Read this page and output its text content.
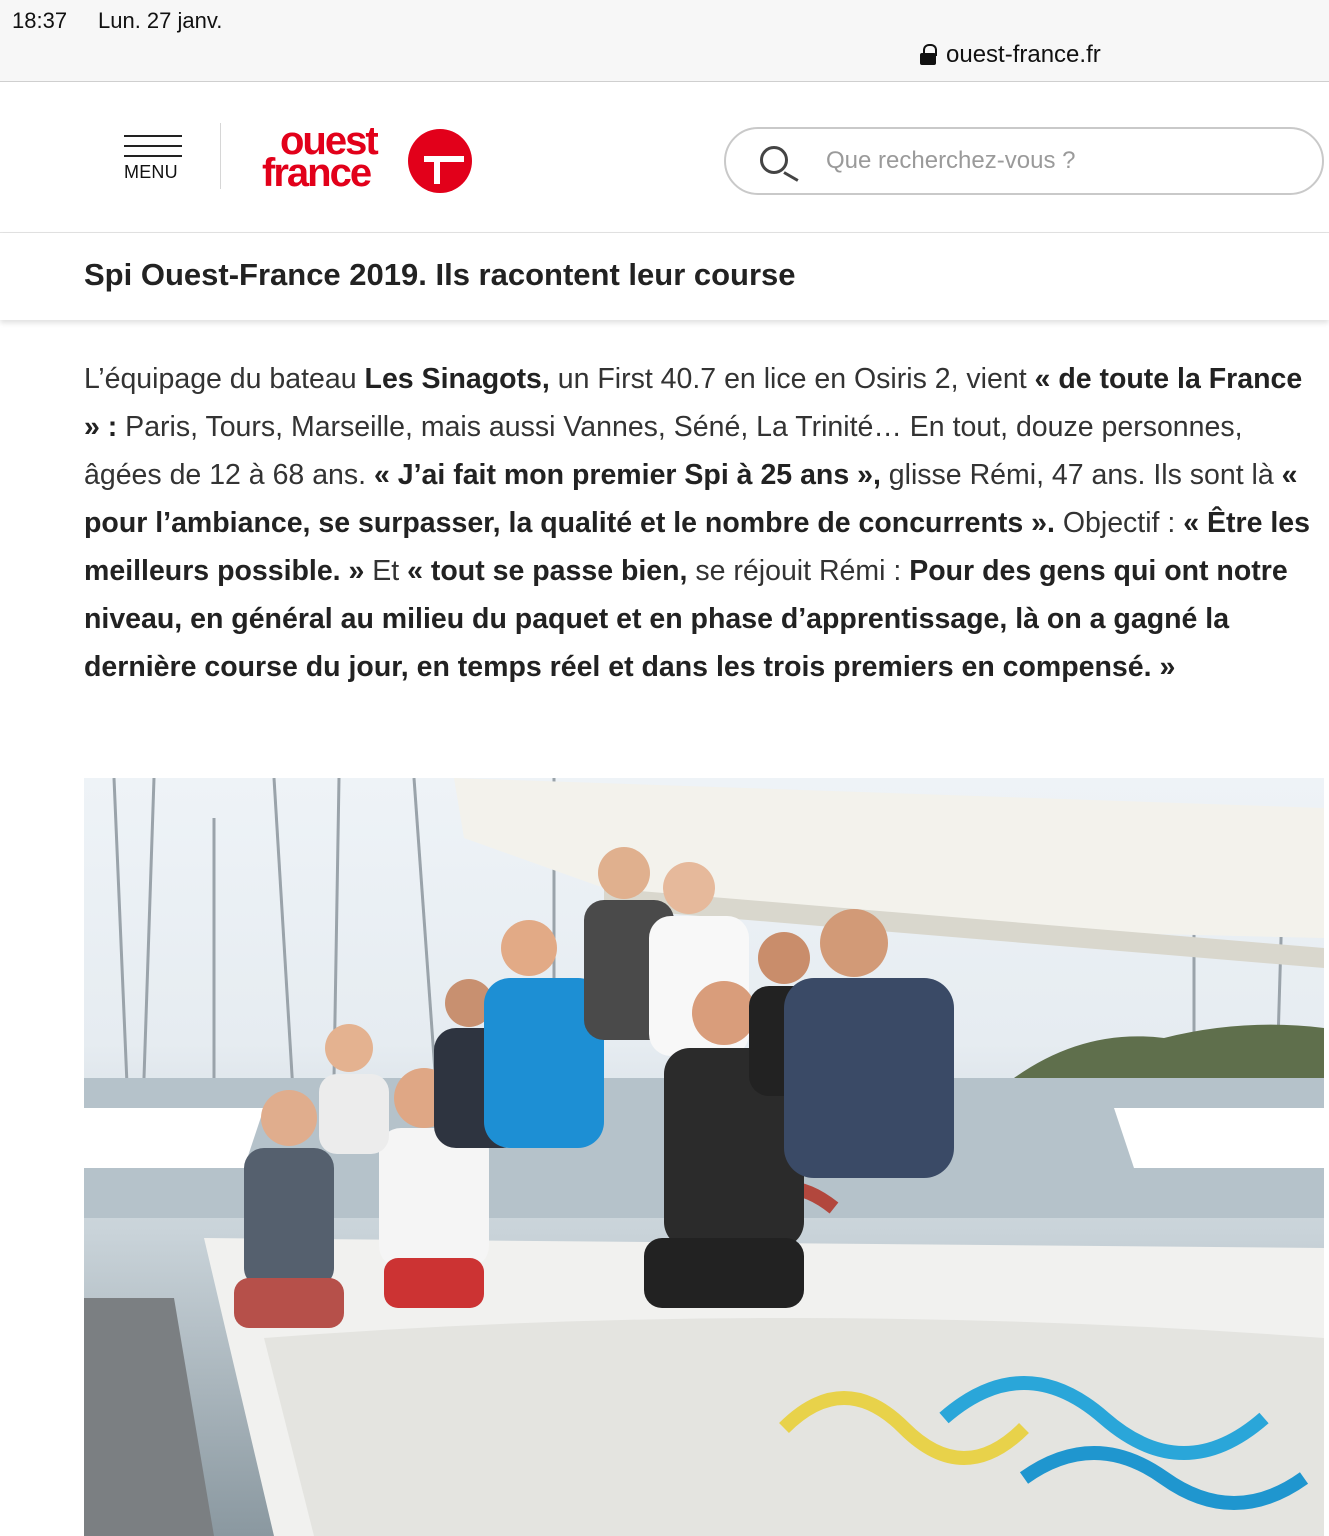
18:37 Lun. 27 janv.
ouest-france.fr
MENU
ouest
france
Que recherchez-vous ?
Spi Ouest-France 2019. Ils racontent leur course

L’équipage du bateau Les Sinagots, un First 40.7 en lice en Osiris 2, vient « de toute la France » : Paris, Tours, Marseille, mais aussi Vannes, Séné, La Trinité… En tout, douze personnes, âgées de 12 à 68 ans. « J’ai fait mon premier Spi à 25 ans », glisse Rémi, 47 ans. Ils sont là « pour l’ambiance, se surpasser, la qualité et le nombre de concurrents ». Objectif : « Être les meilleurs possible. » Et « tout se passe bien, se réjouit Rémi : Pour des gens qui ont notre niveau, en général au milieu du paquet et en phase d’apprentissage, là on a gagné la dernière course du jour, en temps réel et dans les trois premiers en compensé. »
